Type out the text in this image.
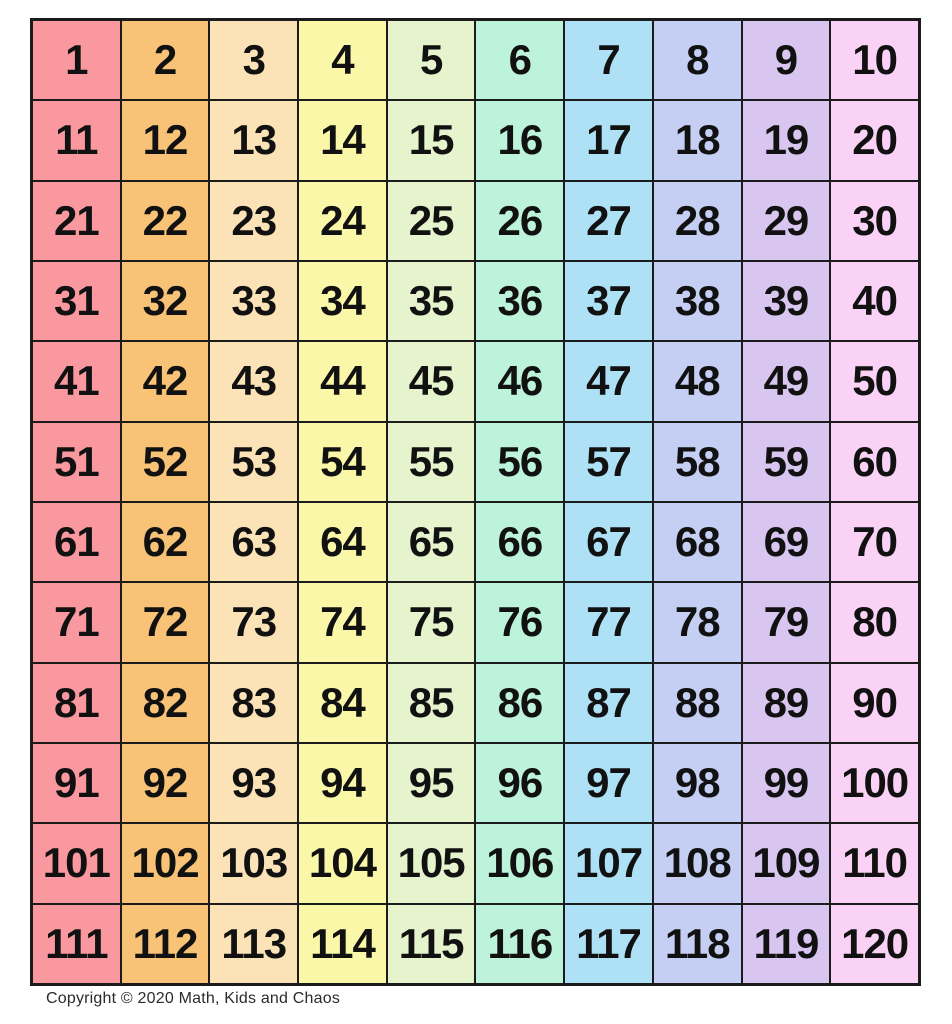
1	2	3	4	5	6	7	8	9	10
11	12	13	14	15	16	17	18	19	20
21	22	23	24	25	26	27	28	29	30
31	32	33	34	35	36	37	38	39	40
41	42	43	44	45	46	47	48	49	50
51	52	53	54	55	56	57	58	59	60
61	62	63	64	65	66	67	68	69	70
71	72	73	74	75	76	77	78	79	80
81	82	83	84	85	86	87	88	89	90
91	92	93	94	95	96	97	98	99 100
101 102 103 104 105 106 107 108 109 110
111 112 113 114 115 116 117 118 119 120
Copyright © 2020 Math, Kids and Chaos
